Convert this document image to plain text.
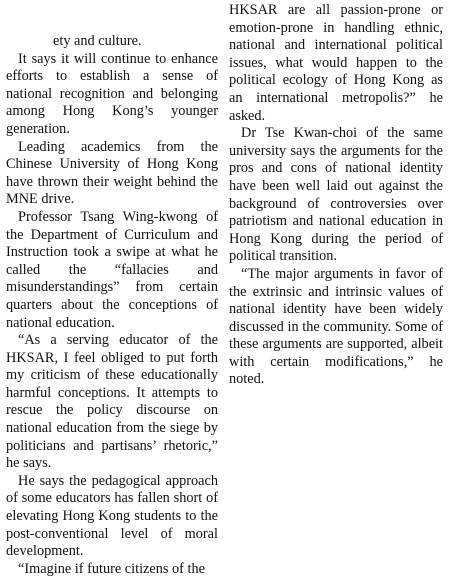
ety and culture.

It says it will continue to enhance efforts to establish a sense of national recognition and belonging among Hong Kong’s younger generation.

Leading academics from the Chinese University of Hong Kong have thrown their weight behind the MNE drive.

Professor Tsang Wing-kwong of the Department of Curriculum and Instruction took a swipe at what he called the “fallacies and misunderstandings” from certain quarters about the conceptions of national education.

“As a serving educator of the HKSAR, I feel obliged to put forth my criticism of these educationally harmful conceptions. It attempts to rescue the policy discourse on national education from the siege by politicians and partisans’ rhetoric,” he says.

He says the pedagogical approach of some educators has fallen short of elevating Hong Kong students to the post-conventional level of moral development.

“Imagine if future citizens of the

HKSAR are all passion-prone or emotion-prone in handling ethnic, national and international political issues, what would happen to the political ecology of Hong Kong as an international metropolis?” he asked.

Dr Tse Kwan-choi of the same university says the arguments for the pros and cons of national identity have been well laid out against the background of controversies over patriotism and national education in Hong Kong during the period of political transition.

“The major arguments in favor of the extrinsic and intrinsic values of national identity have been widely discussed in the community. Some of these arguments are supported, albeit with certain modifications,” he noted.
